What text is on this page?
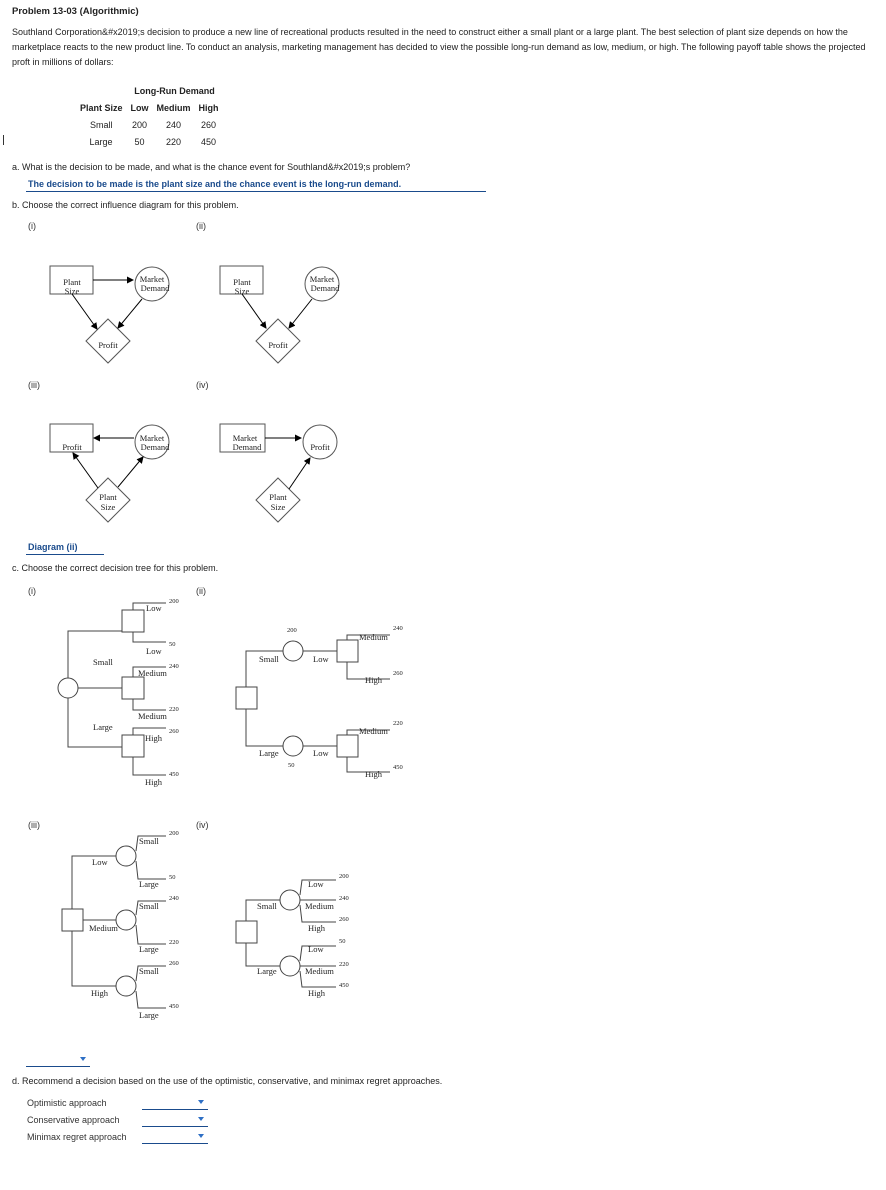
Problem 13-03 (Algorithmic)
Southland Corporation&#x2019;s decision to produce a new line of recreational products resulted in the need to construct either a small plant or a large plant. The best selection of plant size depends on how the marketplace reacts to the new product line. To conduct an analysis, marketing management has decided to view the possible long-run demand as low, medium, or high. The following payoff table shows the projected proft in millions of dollars:
	Long-Run Demand		
Plant Size	Low	Medium	High
Small	200	240	260
Large	50	220	450
a. What is the decision to be made, and what is the chance event for Southland&#x2019;s problem?
The decision to be made is the plant size and the chance event is the long-run demand.
b. Choose the correct influence diagram for this problem.
(i)	(ii)
(iii)	(iv)
Plant
Size
Market
Demand
Profit
Plant
Size
Market
Demand
Profit
Profit
Market
Demand
Plant
Size
Market
Demand	Profit
Plant
Size
Diagram (ii)
c. Choose the correct decision tree for this problem.
(i)	(ii)
(iii)	(iv)
Low
200
50
Low
240
Medium
Small
220
Medium
Large	260
High
450
High
200
Small	Low
240
Medium
260
High
Large	Low
50
220
Medium
450
High
200
Small
Low
50
Large
240
Small
Medium
220
Large
260
Small
High
450
Large
Low
200
Small	Medium
240
260
High
Low
50
Large	Medium
220
450
High
d. Recommend a decision based on the use of the optimistic, conservative, and minimax regret approaches.
Optimistic approach
Conservative approach
Minimax regret approach
